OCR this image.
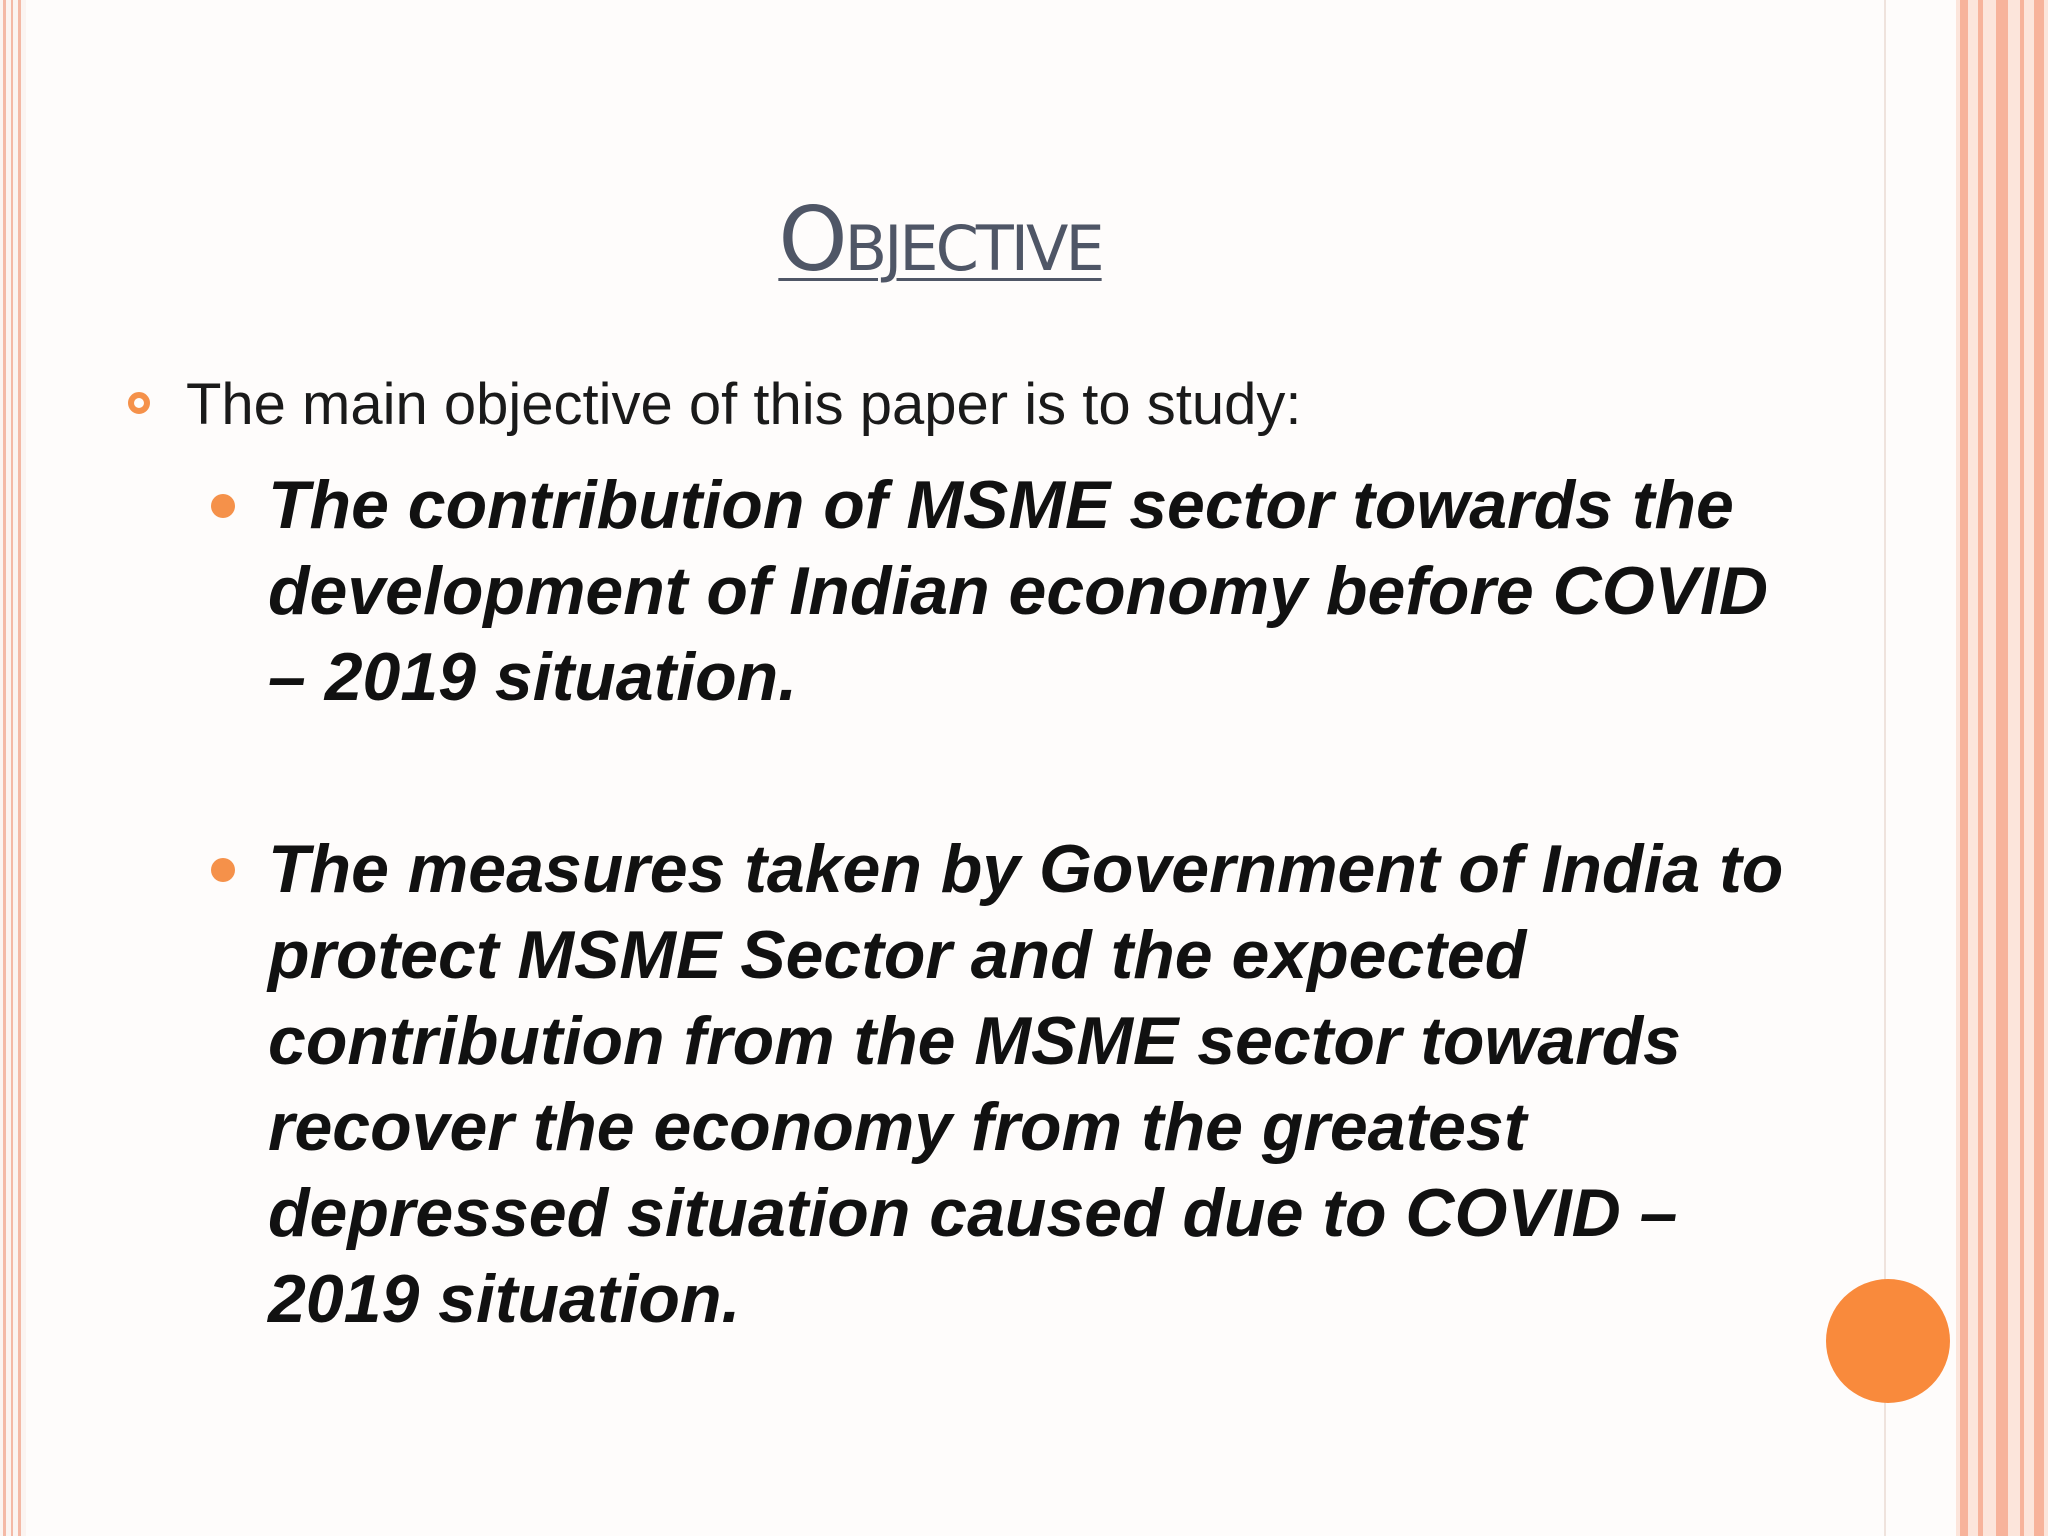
Objective
The main objective of this paper is to study:

The contribution of MSME sector towards the development of Indian economy before COVID – 2019 situation.

The measures taken by Government of India to protect MSME Sector and the expected contribution from the MSME sector towards recover the economy from the greatest depressed situation caused due to COVID – 2019 situation.
